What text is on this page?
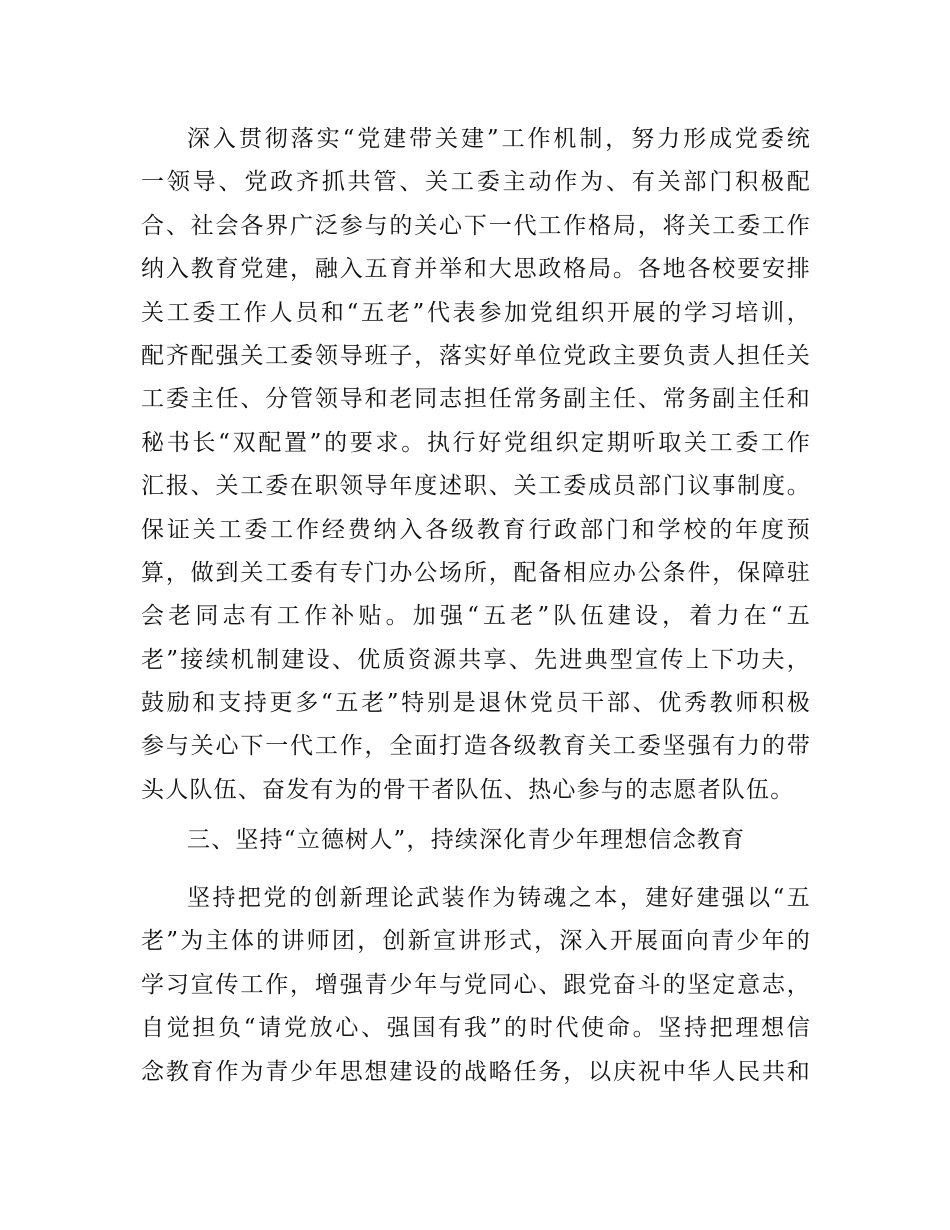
深入贯彻落实“党建带关建”工作机制，努力形成党委统
一领导、党政齐抓共管、关工委主动作为、有关部门积极配
合、社会各界广泛参与的关心下一代工作格局，将关工委工作
纳入教育党建，融入五育并举和大思政格局。各地各校要安排
关工委工作人员和“五老”代表参加党组织开展的学习培训，
配齐配强关工委领导班子，落实好单位党政主要负责人担任关
工委主任、分管领导和老同志担任常务副主任、常务副主任和
秘书长“双配置”的要求。执行好党组织定期听取关工委工作
汇报、关工委在职领导年度述职、关工委成员部门议事制度。
保证关工委工作经费纳入各级教育行政部门和学校的年度预
算，做到关工委有专门办公场所，配备相应办公条件，保障驻
会老同志有工作补贴。加强“五老”队伍建设，着力在“五
老”接续机制建设、优质资源共享、先进典型宣传上下功夫，
鼓励和支持更多“五老”特别是退休党员干部、优秀教师积极
参与关心下一代工作，全面打造各级教育关工委坚强有力的带
头人队伍、奋发有为的骨干者队伍、热心参与的志愿者队伍。
三、坚持“立德树人”，持续深化青少年理想信念教育
坚持把党的创新理论武装作为铸魂之本，建好建强以“五
老”为主体的讲师团，创新宣讲形式，深入开展面向青少年的
学习宣传工作，增强青少年与党同心、跟党奋斗的坚定意志，
自觉担负“请党放心、强国有我”的时代使命。坚持把理想信
念教育作为青少年思想建设的战略任务，以庆祝中华人民共和
